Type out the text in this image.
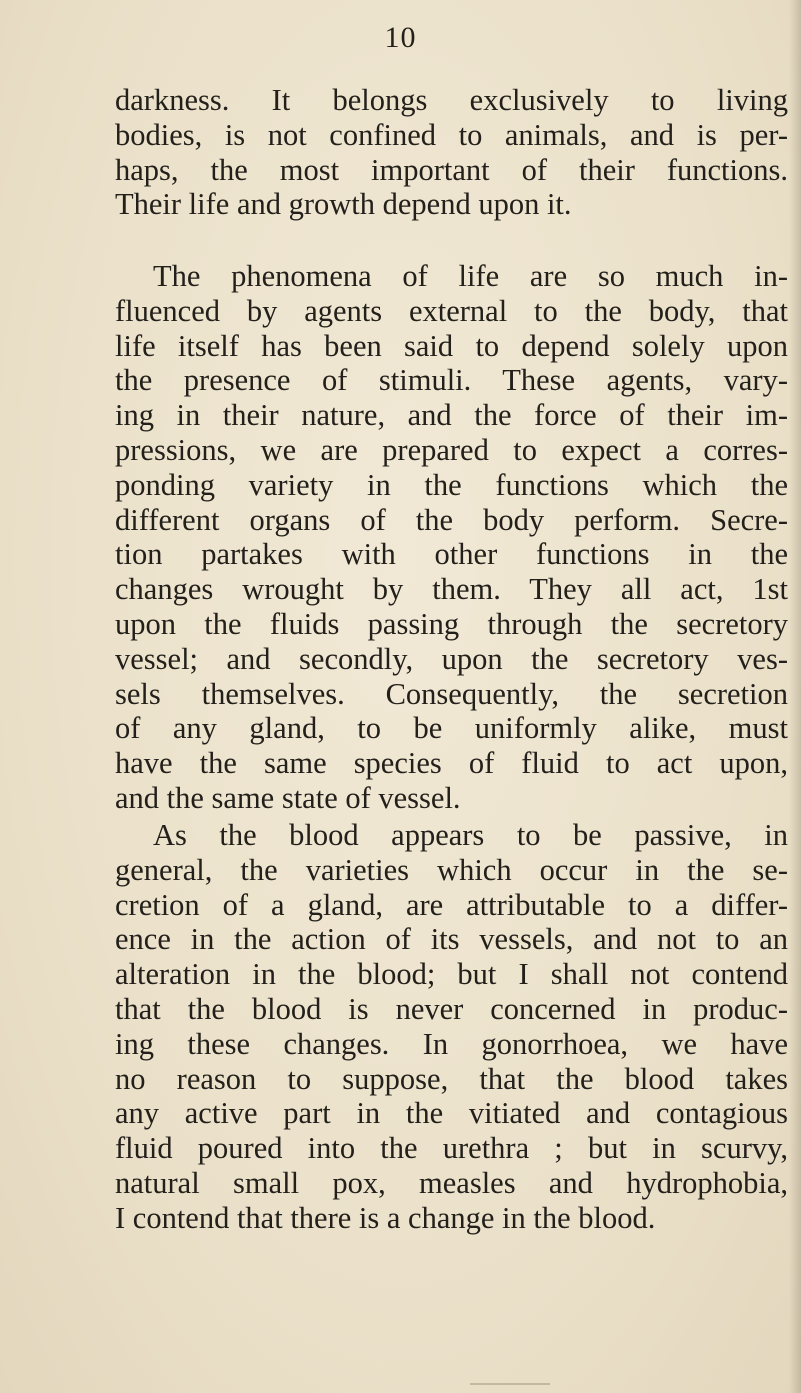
10

darkness. It belongs exclusively to living
bodies, is not confined to animals, and is per-
haps, the most important of their functions.
Their life and growth depend upon it.

The phenomena of life are so much in-
fluenced by agents external to the body, that
life itself has been said to depend solely upon
the presence of stimuli. These agents, vary-
ing in their nature, and the force of their im-
pressions, we are prepared to expect a corres-
ponding variety in the functions which the
different organs of the body perform. Secre-
tion partakes with other functions in the
changes wrought by them. They all act, 1st
upon the fluids passing through the secretory
vessel; and secondly, upon the secretory ves-
sels themselves. Consequently, the secretion
of any gland, to be uniformly alike, must
have the same species of fluid to act upon,
and the same state of vessel.

As the blood appears to be passive, in
general, the varieties which occur in the se-
cretion of a gland, are attributable to a differ-
ence in the action of its vessels, and not to an
alteration in the blood; but I shall not contend
that the blood is never concerned in produc-
ing these changes. In gonorrhoea, we have
no reason to suppose, that the blood takes
any active part in the vitiated and contagious
fluid poured into the urethra ; but in scurvy,
natural small pox, measles and hydrophobia,
I contend that there is a change in the blood.
